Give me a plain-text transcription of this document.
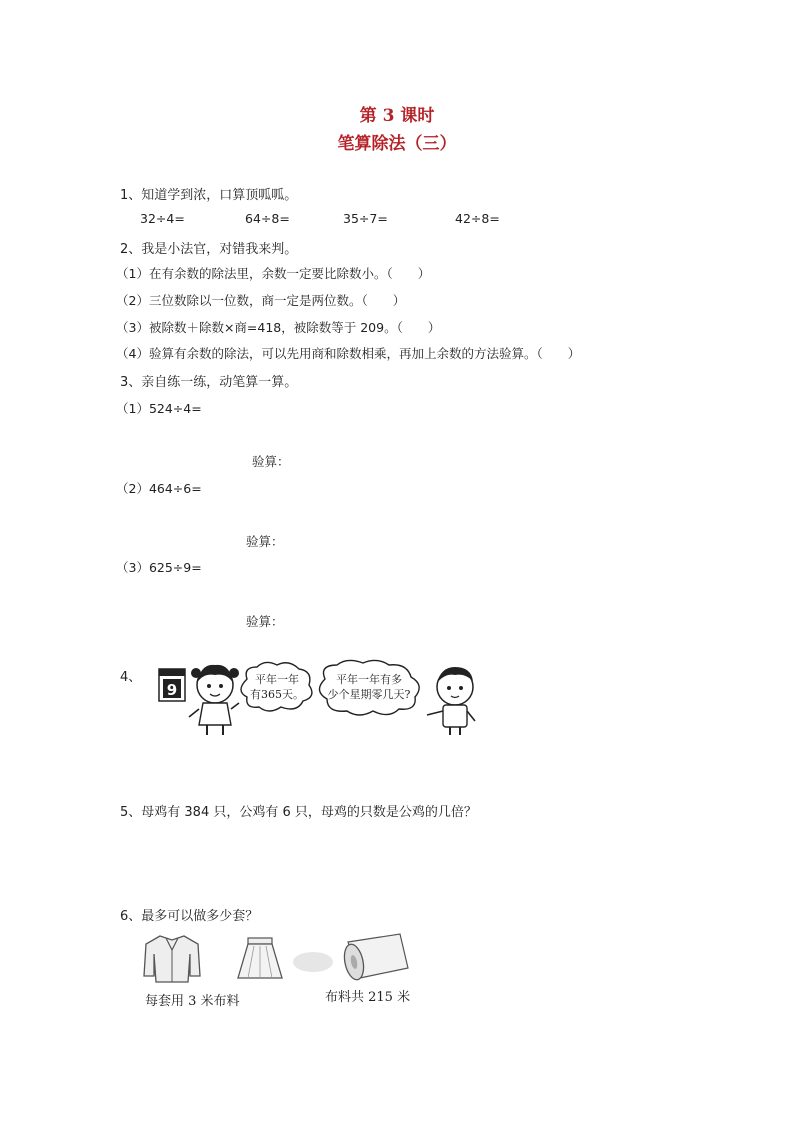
第 3 课时
笔算除法（三）
1、知道学到浓，口算顶呱呱。
32÷4=	64÷8=	35÷7=	42÷8=
2、我是小法官，对错我来判。
（1）在有余数的除法里，余数一定要比除数小。（　　）
（2）三位数除以一位数，商一定是两位数。（　　）
（3）被除数＋除数×商=418，被除数等于 209。（　　）
（4）验算有余数的除法，可以先用商和除数相乘，再加上余数的方法验算。（　　）
3、亲自练一练，动笔算一算。
（1）524÷4=
验算：
（2）464÷6=
验算：
（3）625÷9=
验算：
4、
9
平年一年
有365天。
平年一年有多
少个星期零几天?
5、母鸡有 384 只，公鸡有 6 只，母鸡的只数是公鸡的几倍？
6、最多可以做多少套？
每套用 3 米布料	布料共 215 米
